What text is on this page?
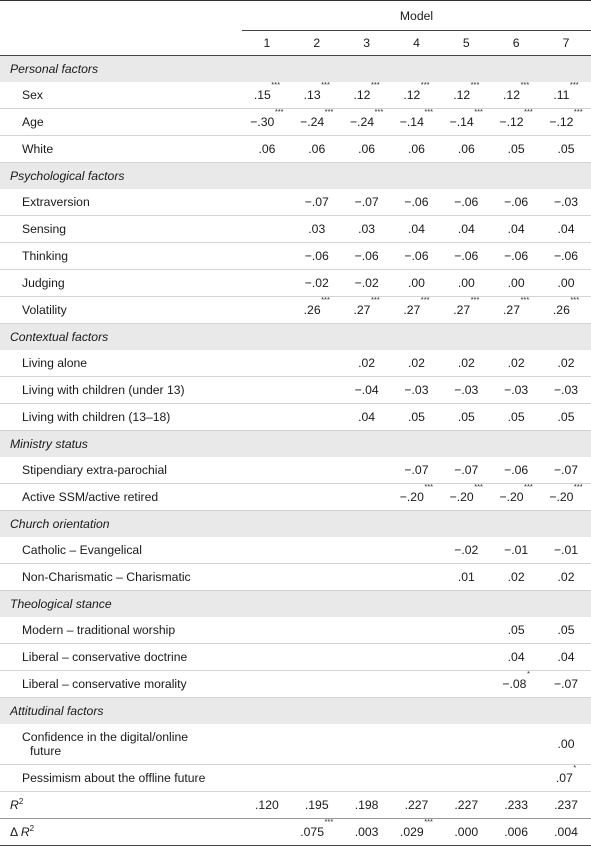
	Model						
	1	2	3	4	5	6	7
Personal factors							
Sex	.15***	.13***	.12***	.12***	.12***	.12***	.11***
Age	−.30***	−.24***	−.24***	−.14***	−.14***	−.12***	−.12***
White	.06	.06	.06	.06	.06	.05	.05
Psychological factors							
Extraversion		−.07	−.07	−.06	−.06	−.06	−.03
Sensing		.03	.03	.04	.04	.04	.04
Thinking		−.06	−.06	−.06	−.06	−.06	−.06
Judging		−.02	−.02	.00	.00	.00	.00
Volatility		.26***	.27***	.27***	.27***	.27***	.26***
Contextual factors							
Living alone			.02	.02	.02	.02	.02
Living with children (under 13)			−.04	−.03	−.03	−.03	−.03
Living with children (13–18)			.04	.05	.05	.05	.05
Ministry status							
Stipendiary extra-parochial				−.07	−.07	−.06	−.07
Active SSM/active retired				−.20***	−.20***	−.20***	−.20***
Church orientation							
Catholic – Evangelical					−.02	−.01	−.01
Non-Charismatic – Charismatic					.01	.02	.02
Theological stance							
Modern – traditional worship						.05	.05
Liberal – conservative doctrine						.04	.04
Liberal – conservative morality						−.08*	−.07
Attitudinal factors							

Confidence in the digital/online
future							.00
Pessimism about the offline future							.07*
$R^2$	.120	.195	.198	.227	.227	.233	.237
Δ $R^2$		.075***	.003	.029***	.000	.006	.004
